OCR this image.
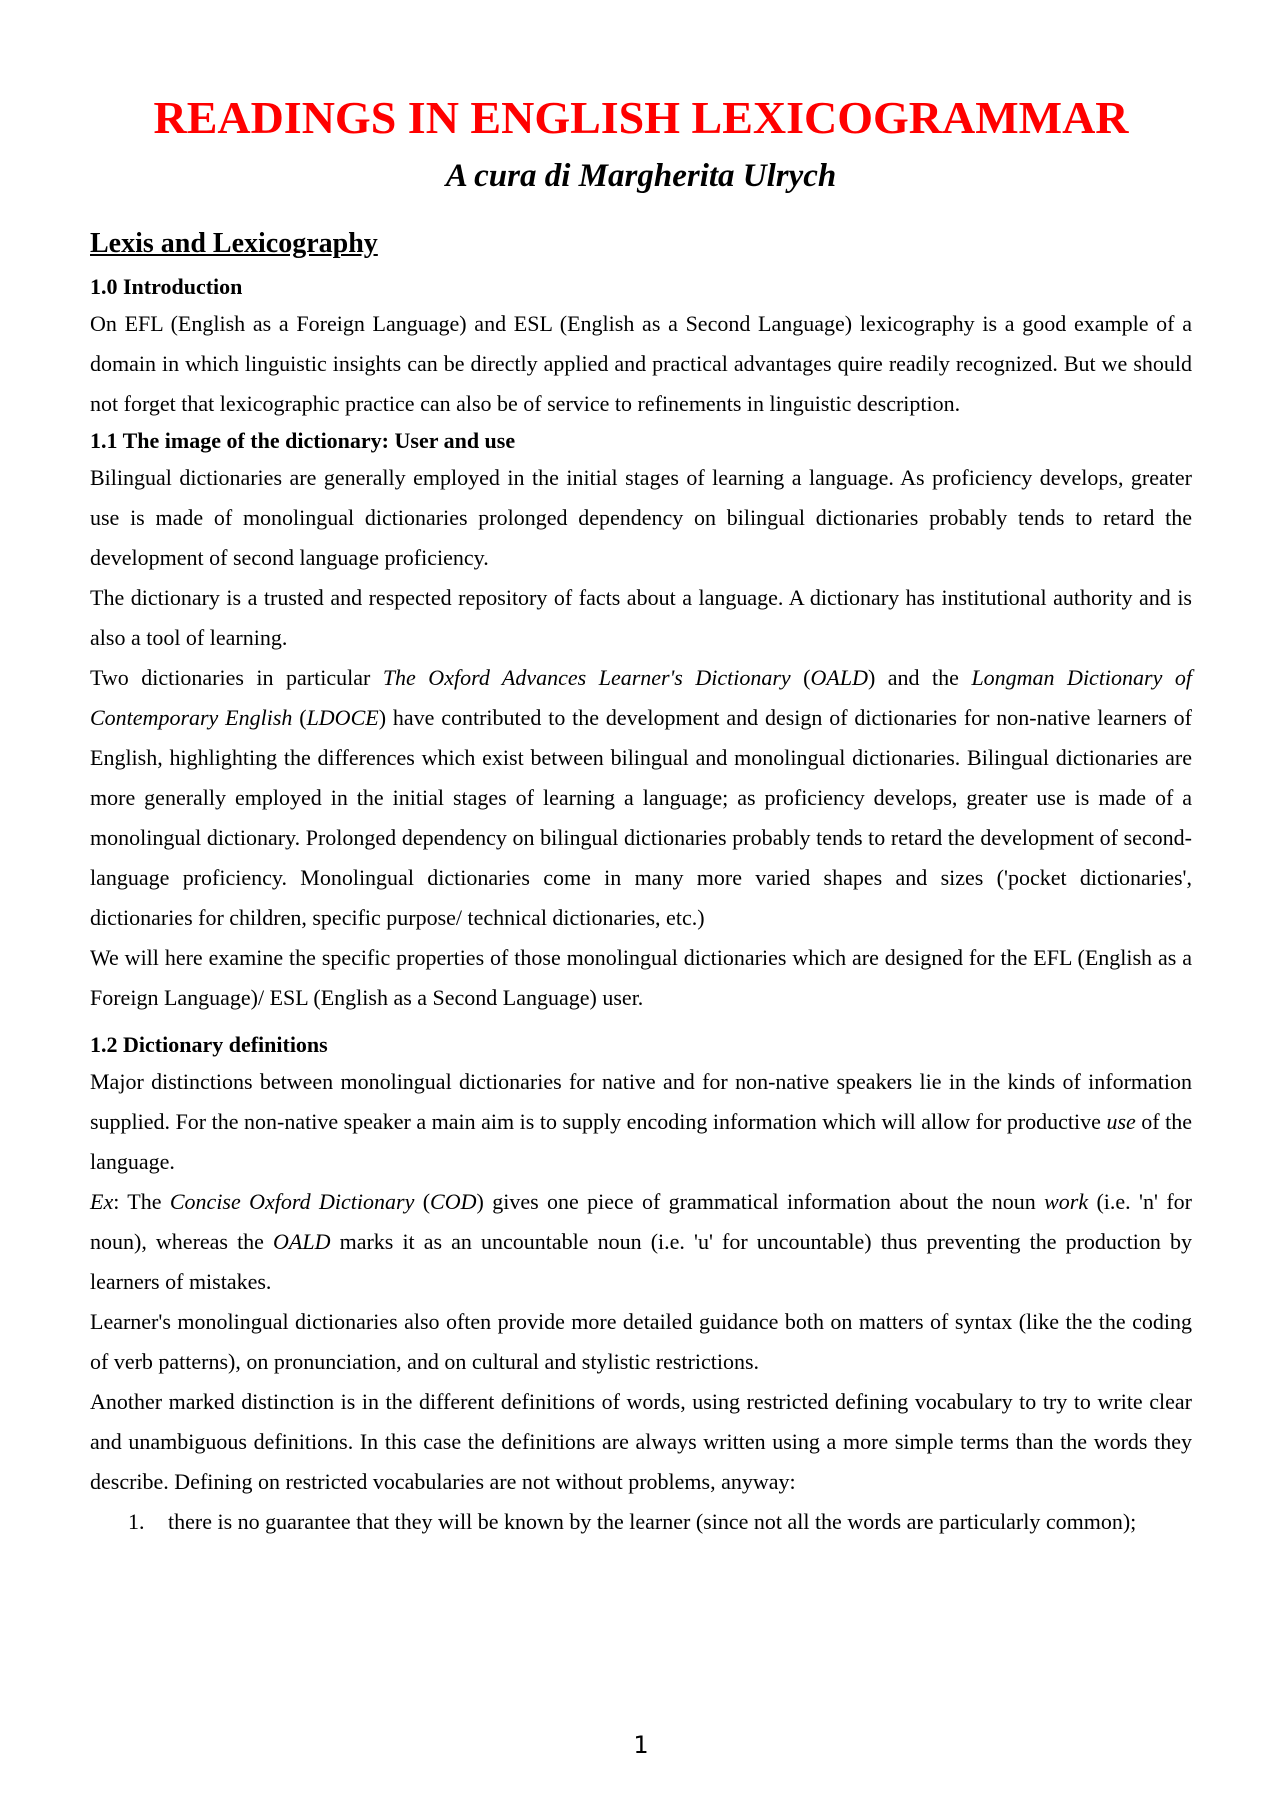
READINGS IN ENGLISH LEXICOGRAMMAR
A cura di Margherita Ulrych
Lexis and Lexicography
1.0 Introduction

On EFL (English as a Foreign Language) and ESL (English as a Second Language) lexicography is a good example of a domain in which linguistic insights can be directly applied and practical advantages quire readily recognized. But we should not forget that lexicographic practice can also be of service to refinements in linguistic description.

1.1 The image of the dictionary: User and use

Bilingual dictionaries are generally employed in the initial stages of learning a language. As proficiency develops, greater use is made of monolingual dictionaries prolonged dependency on bilingual dictionaries probably tends to retard the development of second language proficiency.

The dictionary is a trusted and respected repository of facts about a language. A dictionary has institutional authority and is also a tool of learning.

Two dictionaries in particular The Oxford Advances Learner's Dictionary (OALD) and the Longman Dictionary of Contemporary English (LDOCE) have contributed to the development and design of dictionaries for non-native learners of English, highlighting the differences which exist between bilingual and monolingual dictionaries. Bilingual dictionaries are more generally employed in the initial stages of learning a language; as proficiency develops, greater use is made of a monolingual dictionary. Prolonged dependency on bilingual dictionaries probably tends to retard the development of second-language proficiency. Monolingual dictionaries come in many more varied shapes and sizes ('pocket dictionaries', dictionaries for children, specific purpose/ technical dictionaries, etc.)

We will here examine the specific properties of those monolingual dictionaries which are designed for the EFL (English as a Foreign Language)/ ESL (English as a Second Language) user.

1.2 Dictionary definitions

Major distinctions between monolingual dictionaries for native and for non-native speakers lie in the kinds of information supplied. For the non-native speaker a main aim is to supply encoding information which will allow for productive use of the language.

Ex: The Concise Oxford Dictionary (COD) gives one piece of grammatical information about the noun work (i.e. 'n' for noun), whereas the OALD marks it as an uncountable noun (i.e. 'u' for uncountable) thus preventing the production by learners of mistakes.

Learner's monolingual dictionaries also often provide more detailed guidance both on matters of syntax (like the the coding of verb patterns), on pronunciation, and on cultural and stylistic restrictions.

Another marked distinction is in the different definitions of words, using restricted defining vocabulary to try to write clear and unambiguous definitions. In this case the definitions are always written using a more simple terms than the words they describe. Defining on restricted vocabularies are not without problems, anyway:

1. there is no guarantee that they will be known by the learner (since not all the words are particularly common);
1
